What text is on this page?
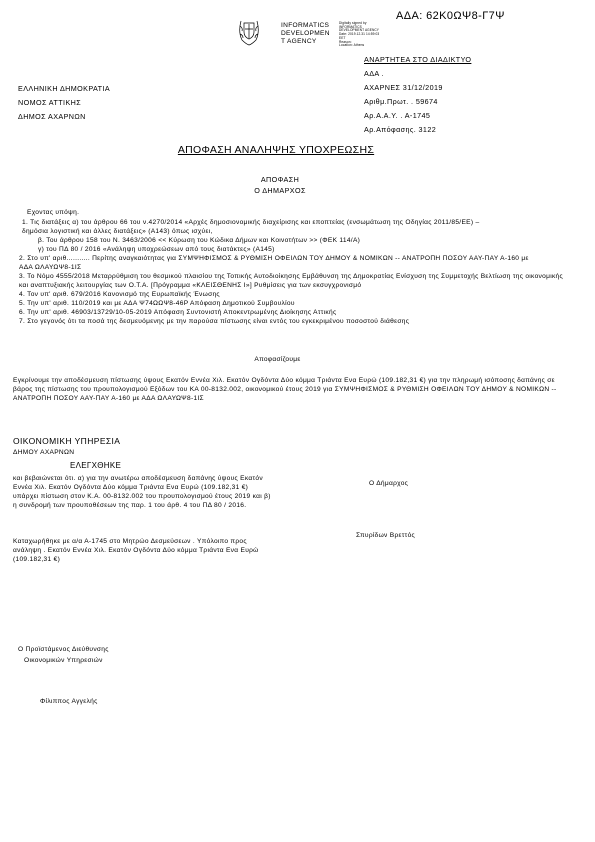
ΑΔΑ: 62Κ0ΩΨ8-Γ7Ψ
INFORMATICS
DEVELOPMEN
T AGENCY
Digitally signed by
INFORMATICS
DEVELOPMENT AGENCY
Date: 2019.12.31 14:59:03
EET
Reason:
Location: Athens
ΑΝΑΡΤΗΤΕΑ ΣΤΟ ΔΙΑΔΙΚΤΥΟ
ΕΛΛΗΝΙΚΗ ΔΗΜΟΚΡΑΤΙΑ
ΝΟΜΟΣ ΑΤΤΙΚΗΣ
ΔΗΜΟΣ ΑΧΑΡΝΩΝ
ΑΔΑ .
ΑΧΑΡΝΕΣ 31/12/2019
Αριθμ.Πρωτ. . 59674
Αρ.Α.Α.Υ. . Α-1745
Αρ.Απόφασης. 3122
ΑΠΟΦΑΣΗ ΑΝΑΛΗΨΗΣ ΥΠΟΧΡΕΩΣΗΣ
ΑΠΟΦΑΣΗ
Ο ΔΗΜΑΡΧΟΣ
Εχοντας υπόψη.

1. Τις διατάξεις α) του άρθρου 66 του ν.4270/2014 «Αρχές δημοσιονομικής διαχείρισης και εποπτείας (ενσωμάτωση της Οδηγίας 2011/85/ΕΕ) – δημόσια λογιστική και άλλες διατάξεις» (Α143) όπως ισχύει,

β. Του άρθρου 158 του Ν. 3463/2006 << Κύρωση του Κώδικα Δήμων και Κοινοτήτων >> (ΦΕΚ 114/Α)

γ) του ΠΔ 80 / 2016 «Ανάληψη υποχρεώσεων από τους διατάκτες» (Α145)

2. Στο υπ' αριθ........... Περίτης αναγκαιότητας για ΣΥΜΨΗΦΙΣΜΟΣ & ΡΥΘΜΙΣΗ ΟΦΕΙΛΩΝ ΤΟΥ ΔΗΜΟΥ & ΝΟΜΙΚΩΝ -- ΑΝΑΤΡΟΠΗ ΠΟΣΟΥ ΑΑΥ-ΠΑΥ Α-160 με ΑΔΑ ΩΛΑΥΩΨ8-1ΙΣ

3. Το Νόμο 4555/2018 Μεταρρύθμιση του θεσμικού πλαισίου της Τοπικής Αυτοδιοίκησης Εμβάθυνση της Δημοκρατίας Ενίσχυση της Συμμετοχής Βελτίωση της οικονομικής και αναπτυξιακής λειτουργίας των Ο.Τ.Α. [Πρόγραμμα «ΚΛΕΙΣΘΕΝΗΣ Ι»] Ρυθμίσεις για των εκσυγχρονισμό

4. Τον υπ' αριθ. 679/2016 Κανονισμό της Ευρωπαϊκής Ένωσης

5. Την υπ' αριθ. 110/2019 και με ΑΔΑ Ψ74ΩΩΨ8-46Ρ Απόφαση Δημοτικού Συμβουλίου

6. Την υπ' αριθ. 46903/13729/10-05-2019 Απόφαση Συντονιστή Αποκεντρωμένης Διοίκησης Αττικής

7. Στο γεγονός ότι τα ποσά της δεσμευόμενης με την παρούσα πίστωσης είναι εντός του εγκεκριμένου ποσοστού διάθεσης

Αποφασίζουμε
Εγκρίνουμε την αποδέσμευση πίστωσης ύψους Εκατόν Εννέα Χιλ. Εκατόν Ογδόντα Δύο κόμμα Τριάντα Ενα Ευρώ (109.182,31 €) για την πληρωμή ισόποσης δαπάνης σε βάρος της πίστωσης του προυπολογισμού Εξόδων του ΚΑ 00-8132.002, οικονομικού έτους 2019 για ΣΥΜΨΗΦΙΣΜΟΣ & ΡΥΘΜΙΣΗ ΟΦΕΙΛΩΝ ΤΟΥ ΔΗΜΟΥ & ΝΟΜΙΚΩΝ -- ΑΝΑΤΡΟΠΗ ΠΟΣΟΥ ΑΑΥ-ΠΑΥ Α-160 με ΑΔΑ ΩΛΑΥΩΨ8-1ΙΣ
ΟΙΚΟΝΟΜΙΚΗ ΥΠΗΡΕΣΙΑ
ΔΗΜΟΥ ΑΧΑΡΝΩΝ
ΕΛΕΓΧΘΗΚΕ
και βεβαιώνεται ότι. α) για την ανωτέρω αποδέσμευση δαπάνης ύψους Εκατόν Εννέα Χιλ. Εκατόν Ογδόντα Δύο κόμμα Τριάντα Ενα Ευρώ (109.182,31 €) υπάρχει πίστωση στον Κ.Α. 00-8132.002 του προυπολογισμού έτους 2019 και β) η συνδρομή των προυποθέσεων της παρ. 1 του άρθ. 4 του ΠΔ 80 / 2016.
Καταχωρήθηκε με α/α Α-1745 στο Μητρώο Δεσμεύσεων . Υπόλοιπο προς ανάληψη . Εκατόν Εννέα Χιλ. Εκατόν Ογδόντα Δύο κόμμα Τριάντα Ενα Ευρώ (109.182,31 €)
Ο Δήμαρχος
Σπυρίδων Βρεττός
Ο Προϊστάμενος Διεύθυνσης
Οικονομικών Υπηρεσιών
Φίλιππος Αγγελής
